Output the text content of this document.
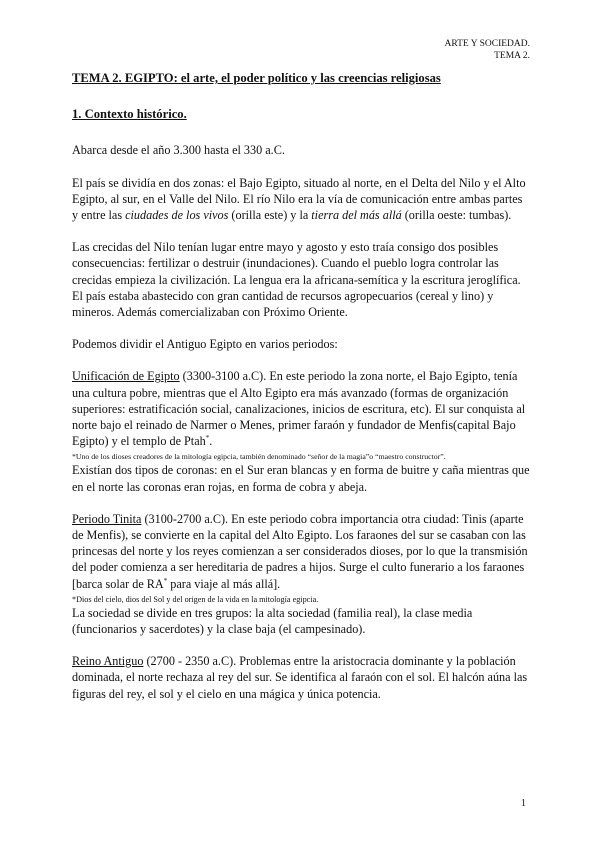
ARTE Y SOCIEDAD.
TEMA 2.

TEMA 2. EGIPTO: el arte, el poder político y las creencias religiosas

1. Contexto histórico.

Abarca desde el año 3.300 hasta el 330 a.C.

El país se dividía en dos zonas: el Bajo Egipto, situado al norte, en el Delta del Nilo y el Alto Egipto, al sur, en el Valle del Nilo. El río Nilo era la vía de comunicación entre ambas partes y entre las ciudades de los vivos (orilla este) y la tierra del más allá (orilla oeste: tumbas).

Las crecidas del Nilo tenían lugar entre mayo y agosto y esto traía consigo dos posibles consecuencias: fertilizar o destruir (inundaciones). Cuando el pueblo logra controlar las crecidas empieza la civilización. La lengua era la africana-semítica y la escritura jeroglífica. El país estaba abastecido con gran cantidad de recursos agropecuarios (cereal y lino) y mineros. Además comercializaban con Próximo Oriente.

Podemos dividir el Antiguo Egipto en varios periodos:

Unificación de Egipto (3300-3100 a.C). En este periodo la zona norte, el Bajo Egipto, tenía una cultura pobre, mientras que el Alto Egipto era más avanzado (formas de organización superiores: estratificación social, canalizaciones, inicios de escritura, etc). El sur conquista al norte bajo el reinado de Narmer o Menes, primer faraón y fundador de Menfis(capital Bajo Egipto) y el templo de Ptah*.

*Uno de los dioses creadores de la mitología egipcia, también denominado “señor de la magia”o “maestro constructor”.

Existían dos tipos de coronas: en el Sur eran blancas y en forma de buitre y caña mientras que en el norte las coronas eran rojas, en forma de cobra y abeja.

Periodo Tinita (3100-2700 a.C). En este periodo cobra importancia otra ciudad: Tinis (aparte de Menfis), se convierte en la capital del Alto Egipto. Los faraones del sur se casaban con las princesas del norte y los reyes comienzan a ser considerados dioses, por lo que la transmisión del poder comienza a ser hereditaria de padres a hijos. Surge el culto funerario a los faraones [barca solar de RA* para viaje al más allá].

*Dios del cielo, dios del Sol y del origen de la vida en la mitología egipcia.

La sociedad se divide en tres grupos: la alta sociedad (familia real), la clase media (funcionarios y sacerdotes) y la clase baja (el campesinado).

Reino Antiguo (2700 - 2350 a.C). Problemas entre la aristocracia dominante y la población dominada, el norte rechaza al rey del sur. Se identifica al faraón con el sol. El halcón aúna las figuras del rey, el sol y el cielo en una mágica y única potencia.

1
